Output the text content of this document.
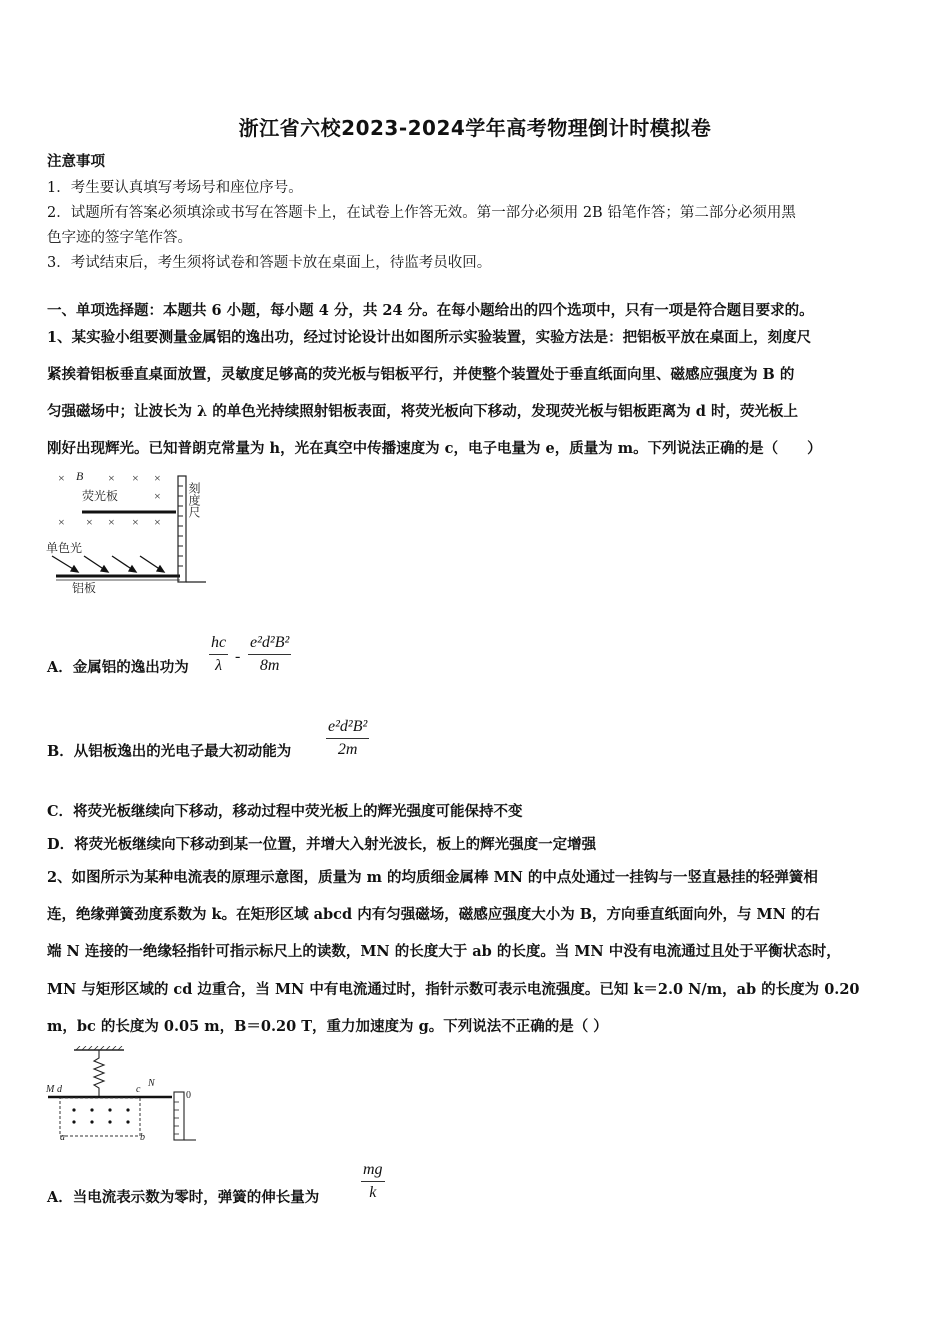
浙江省六校2023-2024学年高考物理倒计时模拟卷
注意事项
1．考生要认真填写考场号和座位序号。
2．试题所有答案必须填涂或书写在答题卡上，在试卷上作答无效。第一部分必须用 2B 铅笔作答；第二部分必须用黑
色字迹的签字笔作答。
3．考试结束后，考生须将试卷和答题卡放在桌面上，待监考员收回。
一、单项选择题：本题共 6 小题，每小题 4 分，共 24 分。在每小题给出的四个选项中，只有一项是符合题目要求的。
1、某实验小组要测量金属铝的逸出功，经过讨论设计出如图所示实验装置，实验方法是：把铝板平放在桌面上，刻度尺
紧挨着铝板垂直桌面放置，灵敏度足够高的荧光板与铝板平行，并使整个装置处于垂直纸面向里、磁感应强度为 B 的
匀强磁场中；让波长为 λ 的单色光持续照射铝板表面，将荧光板向下移动，发现荧光板与铝板距离为 d 时，荧光板上
刚好出现辉光。已知普朗克常量为 h，光在真空中传播速度为 c，电子电量为 e，质量为 m。下列说法正确的是（　　）
× B × × ×
荧光板	×
× × × × ×
单色光
铝板
刻度尺
A．金属铝的逸出功为 $\frac{hc}{\lambda} - \frac{\text{e²d²B²}}{8m}$
B．从铝板逸出的光电子最大初动能为 $\frac{\text{e²d²B²}}{2m}$
C．将荧光板继续向下移动，移动过程中荧光板上的辉光强度可能保持不变
D．将荧光板继续向下移动到某一位置，并增大入射光波长，板上的辉光强度一定增强
2、如图所示为某种电流表的原理示意图，质量为 m 的均质细金属棒 MN 的中点处通过一挂钩与一竖直悬挂的轻弹簧相
连，绝缘弹簧劲度系数为 k。在矩形区域 abcd 内有匀强磁场，磁感应强度大小为 B，方向垂直纸面向外，与 MN 的右
端 N 连接的一绝缘轻指针可指示标尺上的读数，MN 的长度大于 ab 的长度。当 MN 中没有电流通过且处于平衡状态时，
MN 与矩形区域的 cd 边重合，当 MN 中有电流通过时，指针示数可表示电流强度。已知 k＝2.0 N/m，ab 的长度为 0.20
m，bc 的长度为 0.05 m，B＝0.20 T，重力加速度为 g。下列说法不正确的是（ ）
M d	c
N
a	b
0
A．当电流表示数为零时，弹簧的伸长量为	$\frac{mg}{k}$
